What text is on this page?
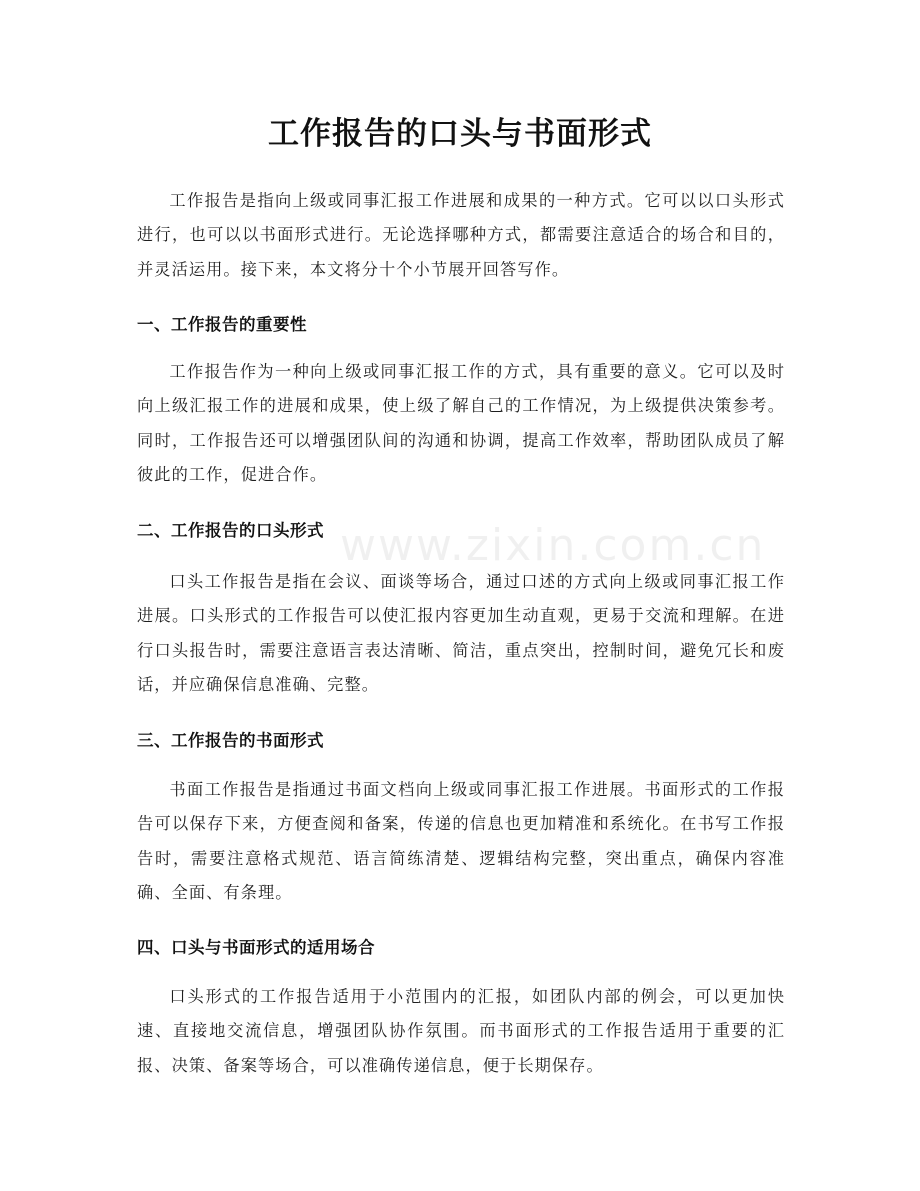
www.zixin.com.cn
工作报告的口头与书面形式

工作报告是指向上级或同事汇报工作进展和成果的一种方式。它可以以口头形式进行，也可以以书面形式进行。无论选择哪种方式，都需要注意适合的场合和目的，并灵活运用。接下来，本文将分十个小节展开回答写作。

一、工作报告的重要性

工作报告作为一种向上级或同事汇报工作的方式，具有重要的意义。它可以及时向上级汇报工作的进展和成果，使上级了解自己的工作情况，为上级提供决策参考。同时，工作报告还可以增强团队间的沟通和协调，提高工作效率，帮助团队成员了解彼此的工作，促进合作。

二、工作报告的口头形式

口头工作报告是指在会议、面谈等场合，通过口述的方式向上级或同事汇报工作进展。口头形式的工作报告可以使汇报内容更加生动直观，更易于交流和理解。在进行口头报告时，需要注意语言表达清晰、简洁，重点突出，控制时间，避免冗长和废话，并应确保信息准确、完整。

三、工作报告的书面形式

书面工作报告是指通过书面文档向上级或同事汇报工作进展。书面形式的工作报告可以保存下来，方便查阅和备案，传递的信息也更加精准和系统化。在书写工作报告时，需要注意格式规范、语言简练清楚、逻辑结构完整，突出重点，确保内容准确、全面、有条理。

四、口头与书面形式的适用场合

口头形式的工作报告适用于小范围内的汇报，如团队内部的例会，可以更加快速、直接地交流信息，增强团队协作氛围。而书面形式的工作报告适用于重要的汇报、决策、备案等场合，可以准确传递信息，便于长期保存。
